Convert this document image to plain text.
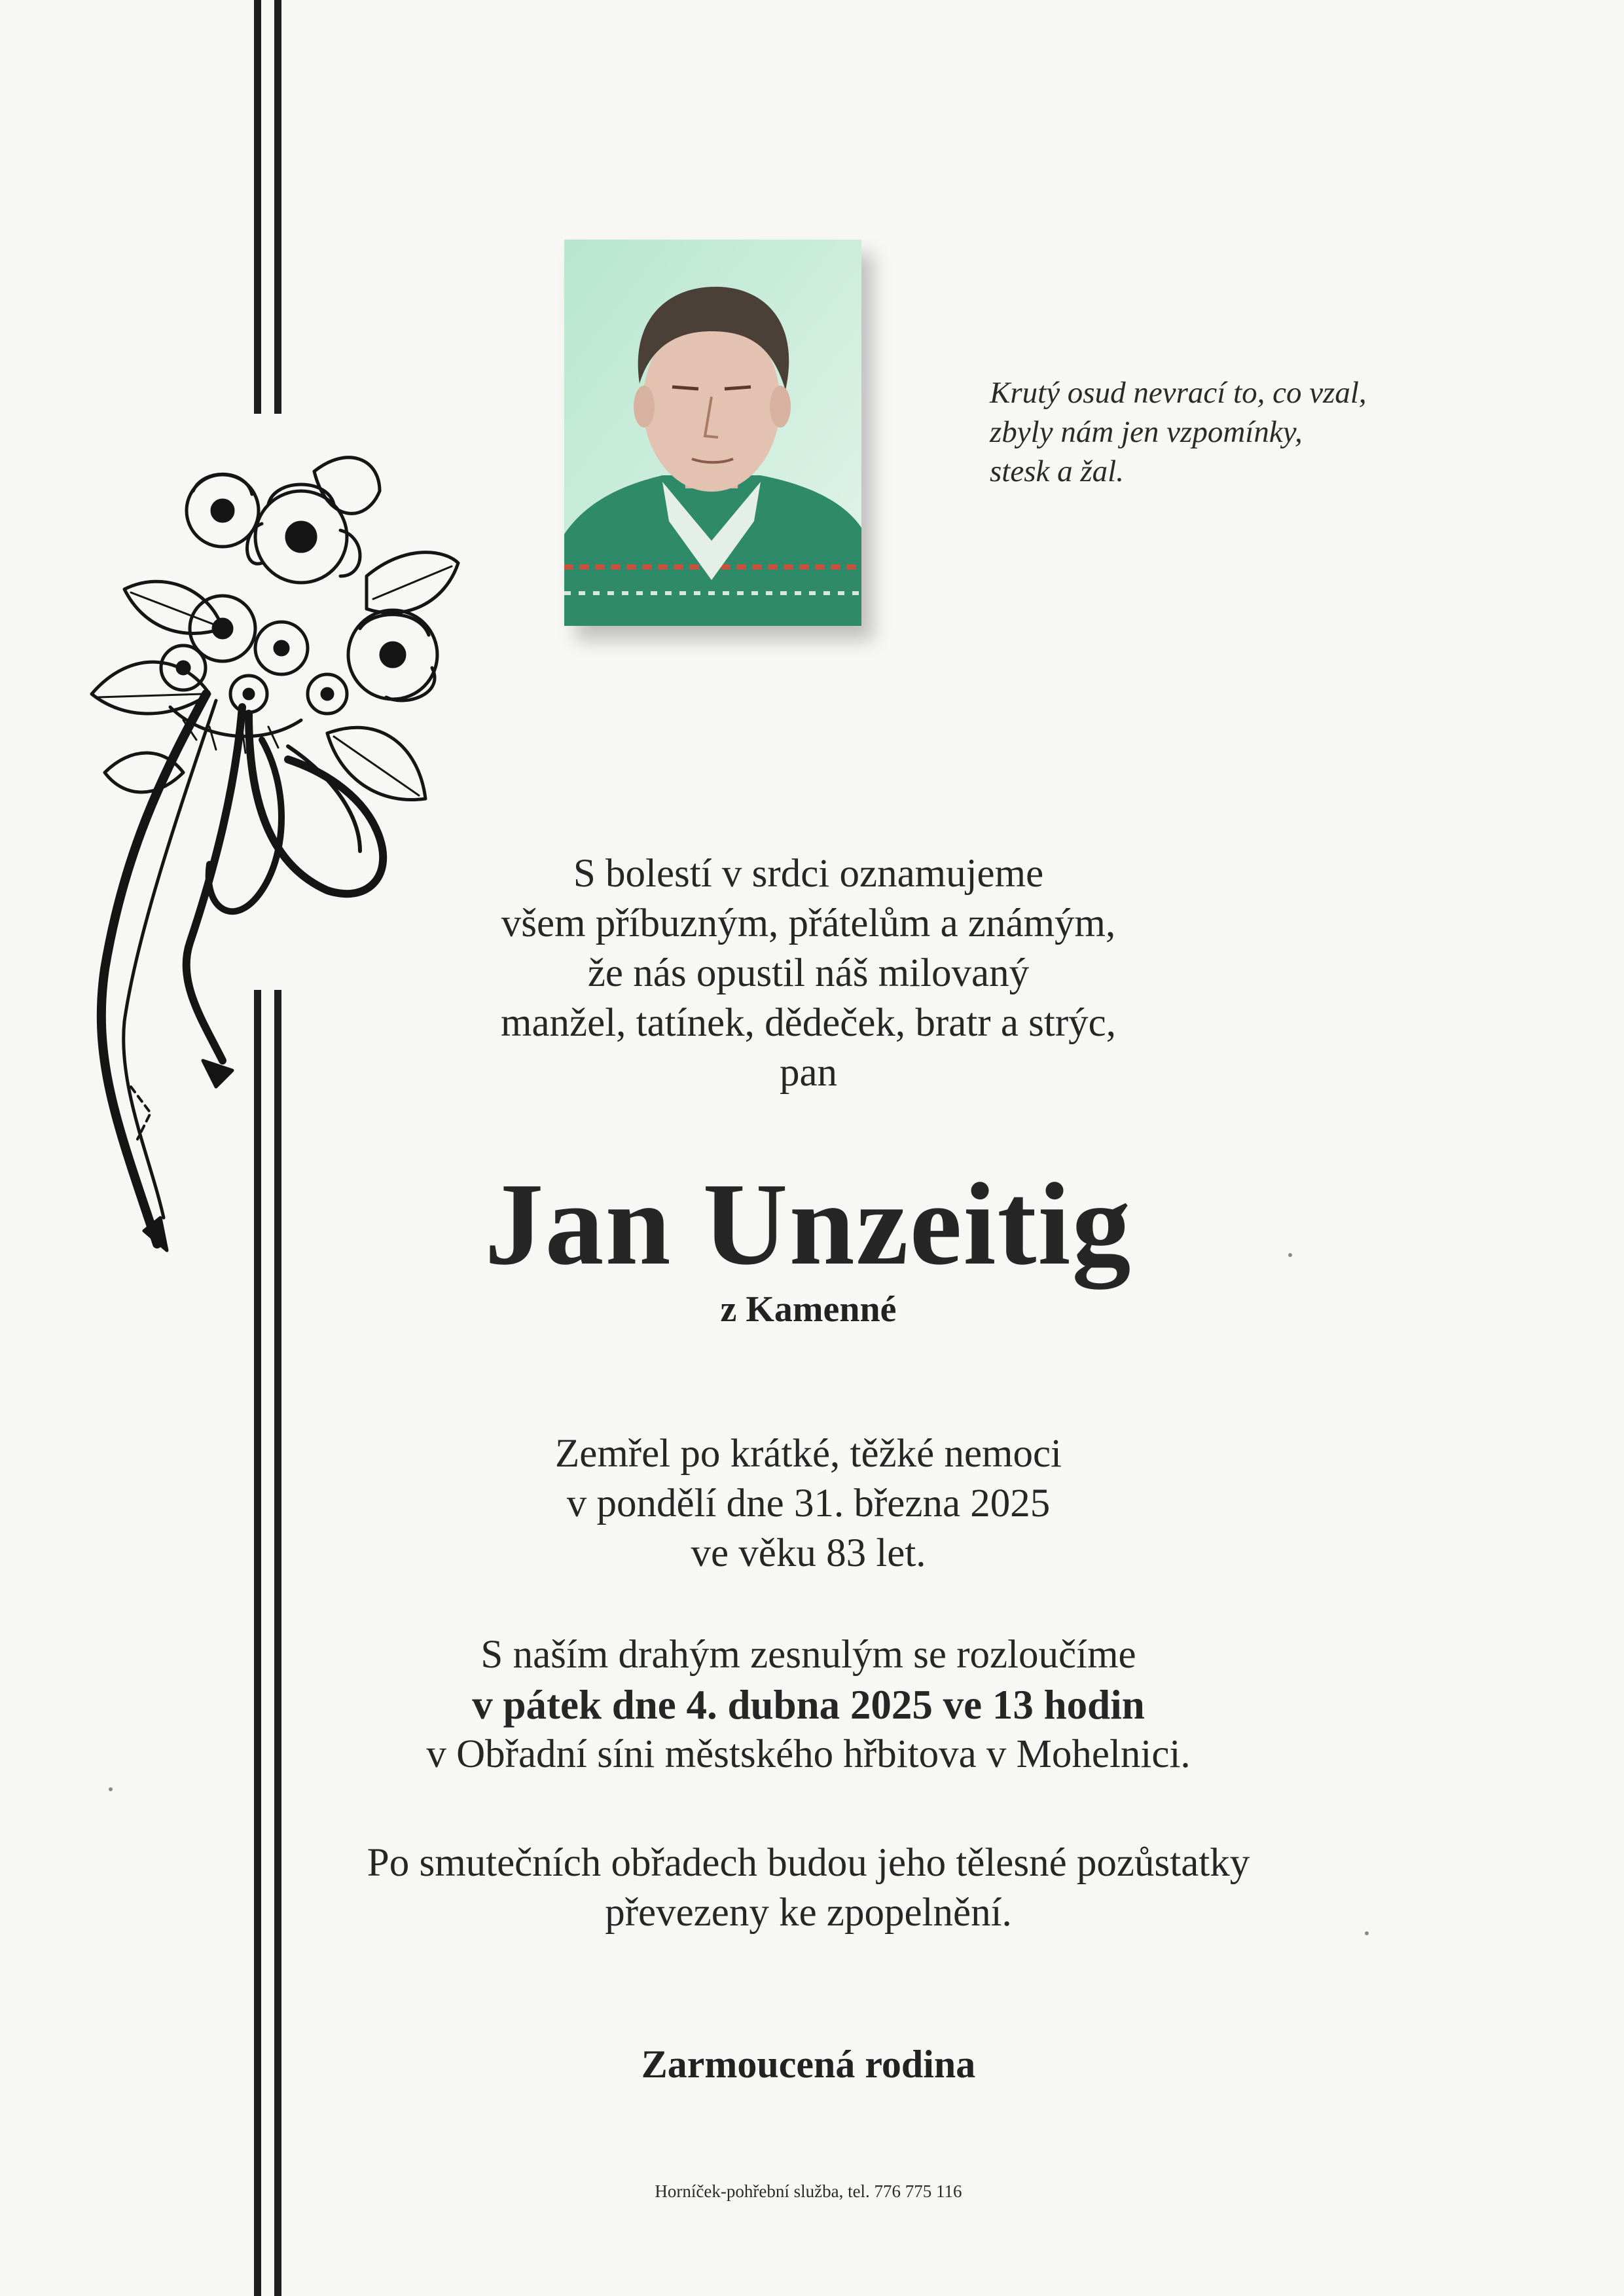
Krutý osud nevrací to, co vzal,
zbyly nám jen vzpomínky,
stesk a žal.
S bolestí v srdci oznamujeme
všem příbuzným, přátelům a známým,
že nás opustil náš milovaný
manžel, tatínek, dědeček, bratr a strýc,
pan
Jan Unzeitig
z Kamenné
Zemřel po krátké, těžké nemoci
v pondělí dne 31. března 2025
ve věku 83 let.
S naším drahým zesnulým se rozloučíme
v pátek dne 4. dubna 2025 ve 13 hodin
v Obřadní síni městského hřbitova v Mohelnici.
Po smutečních obřadech budou jeho tělesné pozůstatky
převezeny ke zpopelnění.
Zarmoucená rodina
Horníček-pohřební služba, tel. 776 775 116
